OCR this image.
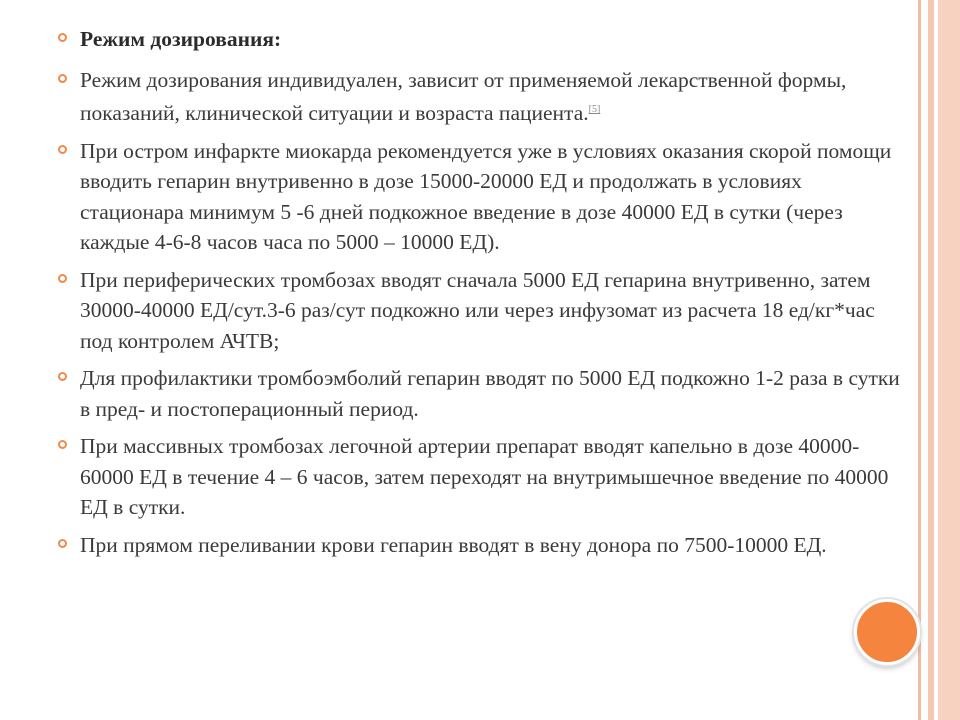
Режим дозирования:
Режим дозирования индивидуален, зависит от применяемой лекарственной формы, показаний, клинической ситуации и возраста пациента.[5]
При остром инфаркте миокарда рекомендуется уже в условиях оказания скорой помощи вводить гепарин внутривенно в дозе 15000-20000 ЕД и продолжать в условиях стационара минимум 5 -6 дней подкожное введение в дозе 40000 ЕД в сутки (через каждые 4-6-8 часов часа по 5000 – 10000 ЕД).
При периферических тромбозах вводят сначала 5000 ЕД гепарина внутривенно, затем 30000-40000 ЕД/сут.3-6 раз/сут подкожно или через инфузомат из расчета 18 ед/кг*час под контролем АЧТВ;
Для профилактики тромбоэмболий гепарин вводят по 5000 ЕД подкожно 1-2 раза в сутки в пред- и постоперационный период.
При массивных тромбозах легочной артерии препарат вводят капельно в дозе 40000-60000 ЕД в течение 4 – 6 часов, затем переходят на внутримышечное введение по 40000 ЕД в сутки.
При прямом переливании крови гепарин вводят в вену донора по 7500-10000 ЕД.
